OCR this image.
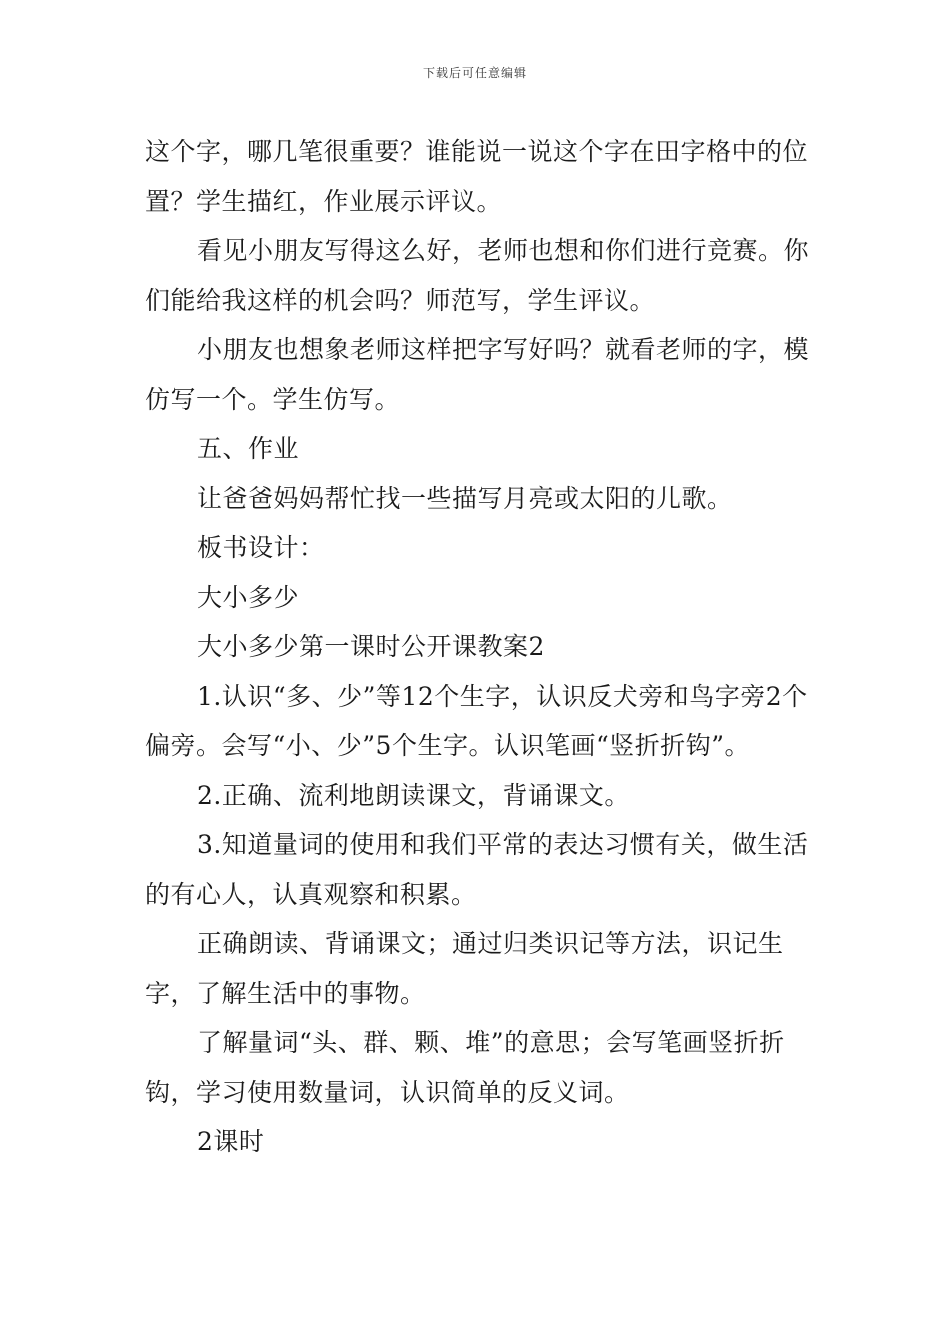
下载后可任意编辑

这个字，哪几笔很重要？谁能说一说这个字在田字格中的位置？学生描红，作业展示评议。

看见小朋友写得这么好，老师也想和你们进行竞赛。你们能给我这样的机会吗？师范写，学生评议。

小朋友也想象老师这样把字写好吗？就看老师的字，模仿写一个。学生仿写。

五、作业

让爸爸妈妈帮忙找一些描写月亮或太阳的儿歌。

板书设计：

大小多少

大小多少第一课时公开课教案2

1.认识“多、少”等12个生字，认识反犬旁和鸟字旁2个偏旁。会写“小、少”5个生字。认识笔画“竖折折钩”。

2.正确、流利地朗读课文，背诵课文。

3.知道量词的使用和我们平常的表达习惯有关，做生活的有心人，认真观察和积累。

正确朗读、背诵课文；通过归类识记等方法，识记生字，了解生活中的事物。

了解量词“头、群、颗、堆”的意思；会写笔画竖折折钩，学习使用数量词，认识简单的反义词。

2课时
